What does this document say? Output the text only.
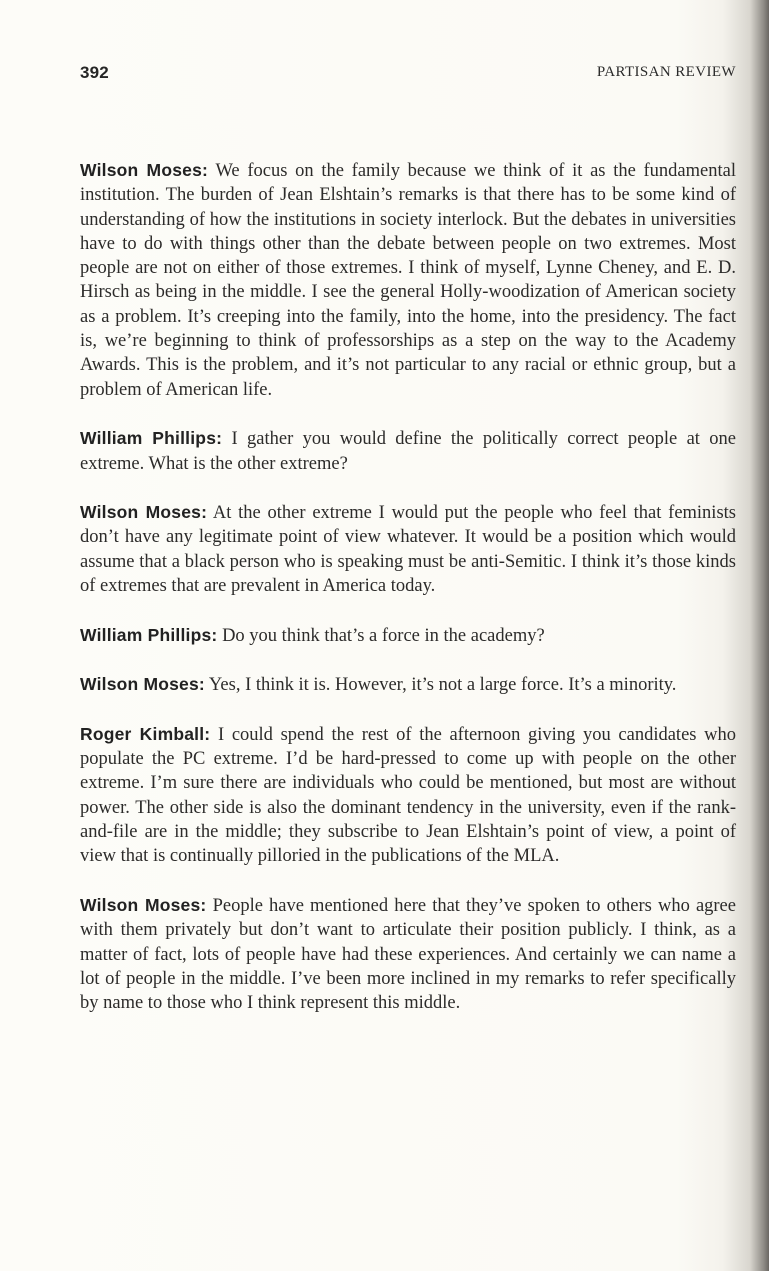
392	PARTISAN REVIEW

Wilson Moses: We focus on the family because we think of it as the fundamental institution. The burden of Jean Elshtain’s remarks is that there has to be some kind of understanding of how the institutions in society interlock. But the debates in universities have to do with things other than the debate between people on two extremes. Most people are not on either of those extremes. I think of myself, Lynne Cheney, and E. D. Hirsch as being in the middle. I see the general Holly-woodization of American society as a problem. It’s creeping into the family, into the home, into the presidency. The fact is, we’re beginning to think of professorships as a step on the way to the Academy Awards. This is the problem, and it’s not particular to any racial or ethnic group, but a problem of American life.

William Phillips: I gather you would define the politically correct people at one extreme. What is the other extreme?

Wilson Moses: At the other extreme I would put the people who feel that feminists don’t have any legitimate point of view whatever. It would be a position which would assume that a black person who is speaking must be anti-Semitic. I think it’s those kinds of extremes that are prevalent in America today.

William Phillips: Do you think that’s a force in the academy?

Wilson Moses: Yes, I think it is. However, it’s not a large force. It’s a minority.

Roger Kimball: I could spend the rest of the afternoon giving you candidates who populate the PC extreme. I’d be hard-pressed to come up with people on the other extreme. I’m sure there are individuals who could be mentioned, but most are without power. The other side is also the dominant tendency in the university, even if the rank-and-file are in the middle; they subscribe to Jean Elshtain’s point of view, a point of view that is continually pilloried in the publications of the MLA.

Wilson Moses: People have mentioned here that they’ve spoken to others who agree with them privately but don’t want to articulate their position publicly. I think, as a matter of fact, lots of people have had these experiences. And certainly we can name a lot of people in the middle. I’ve been more inclined in my remarks to refer specifically by name to those who I think represent this middle.
